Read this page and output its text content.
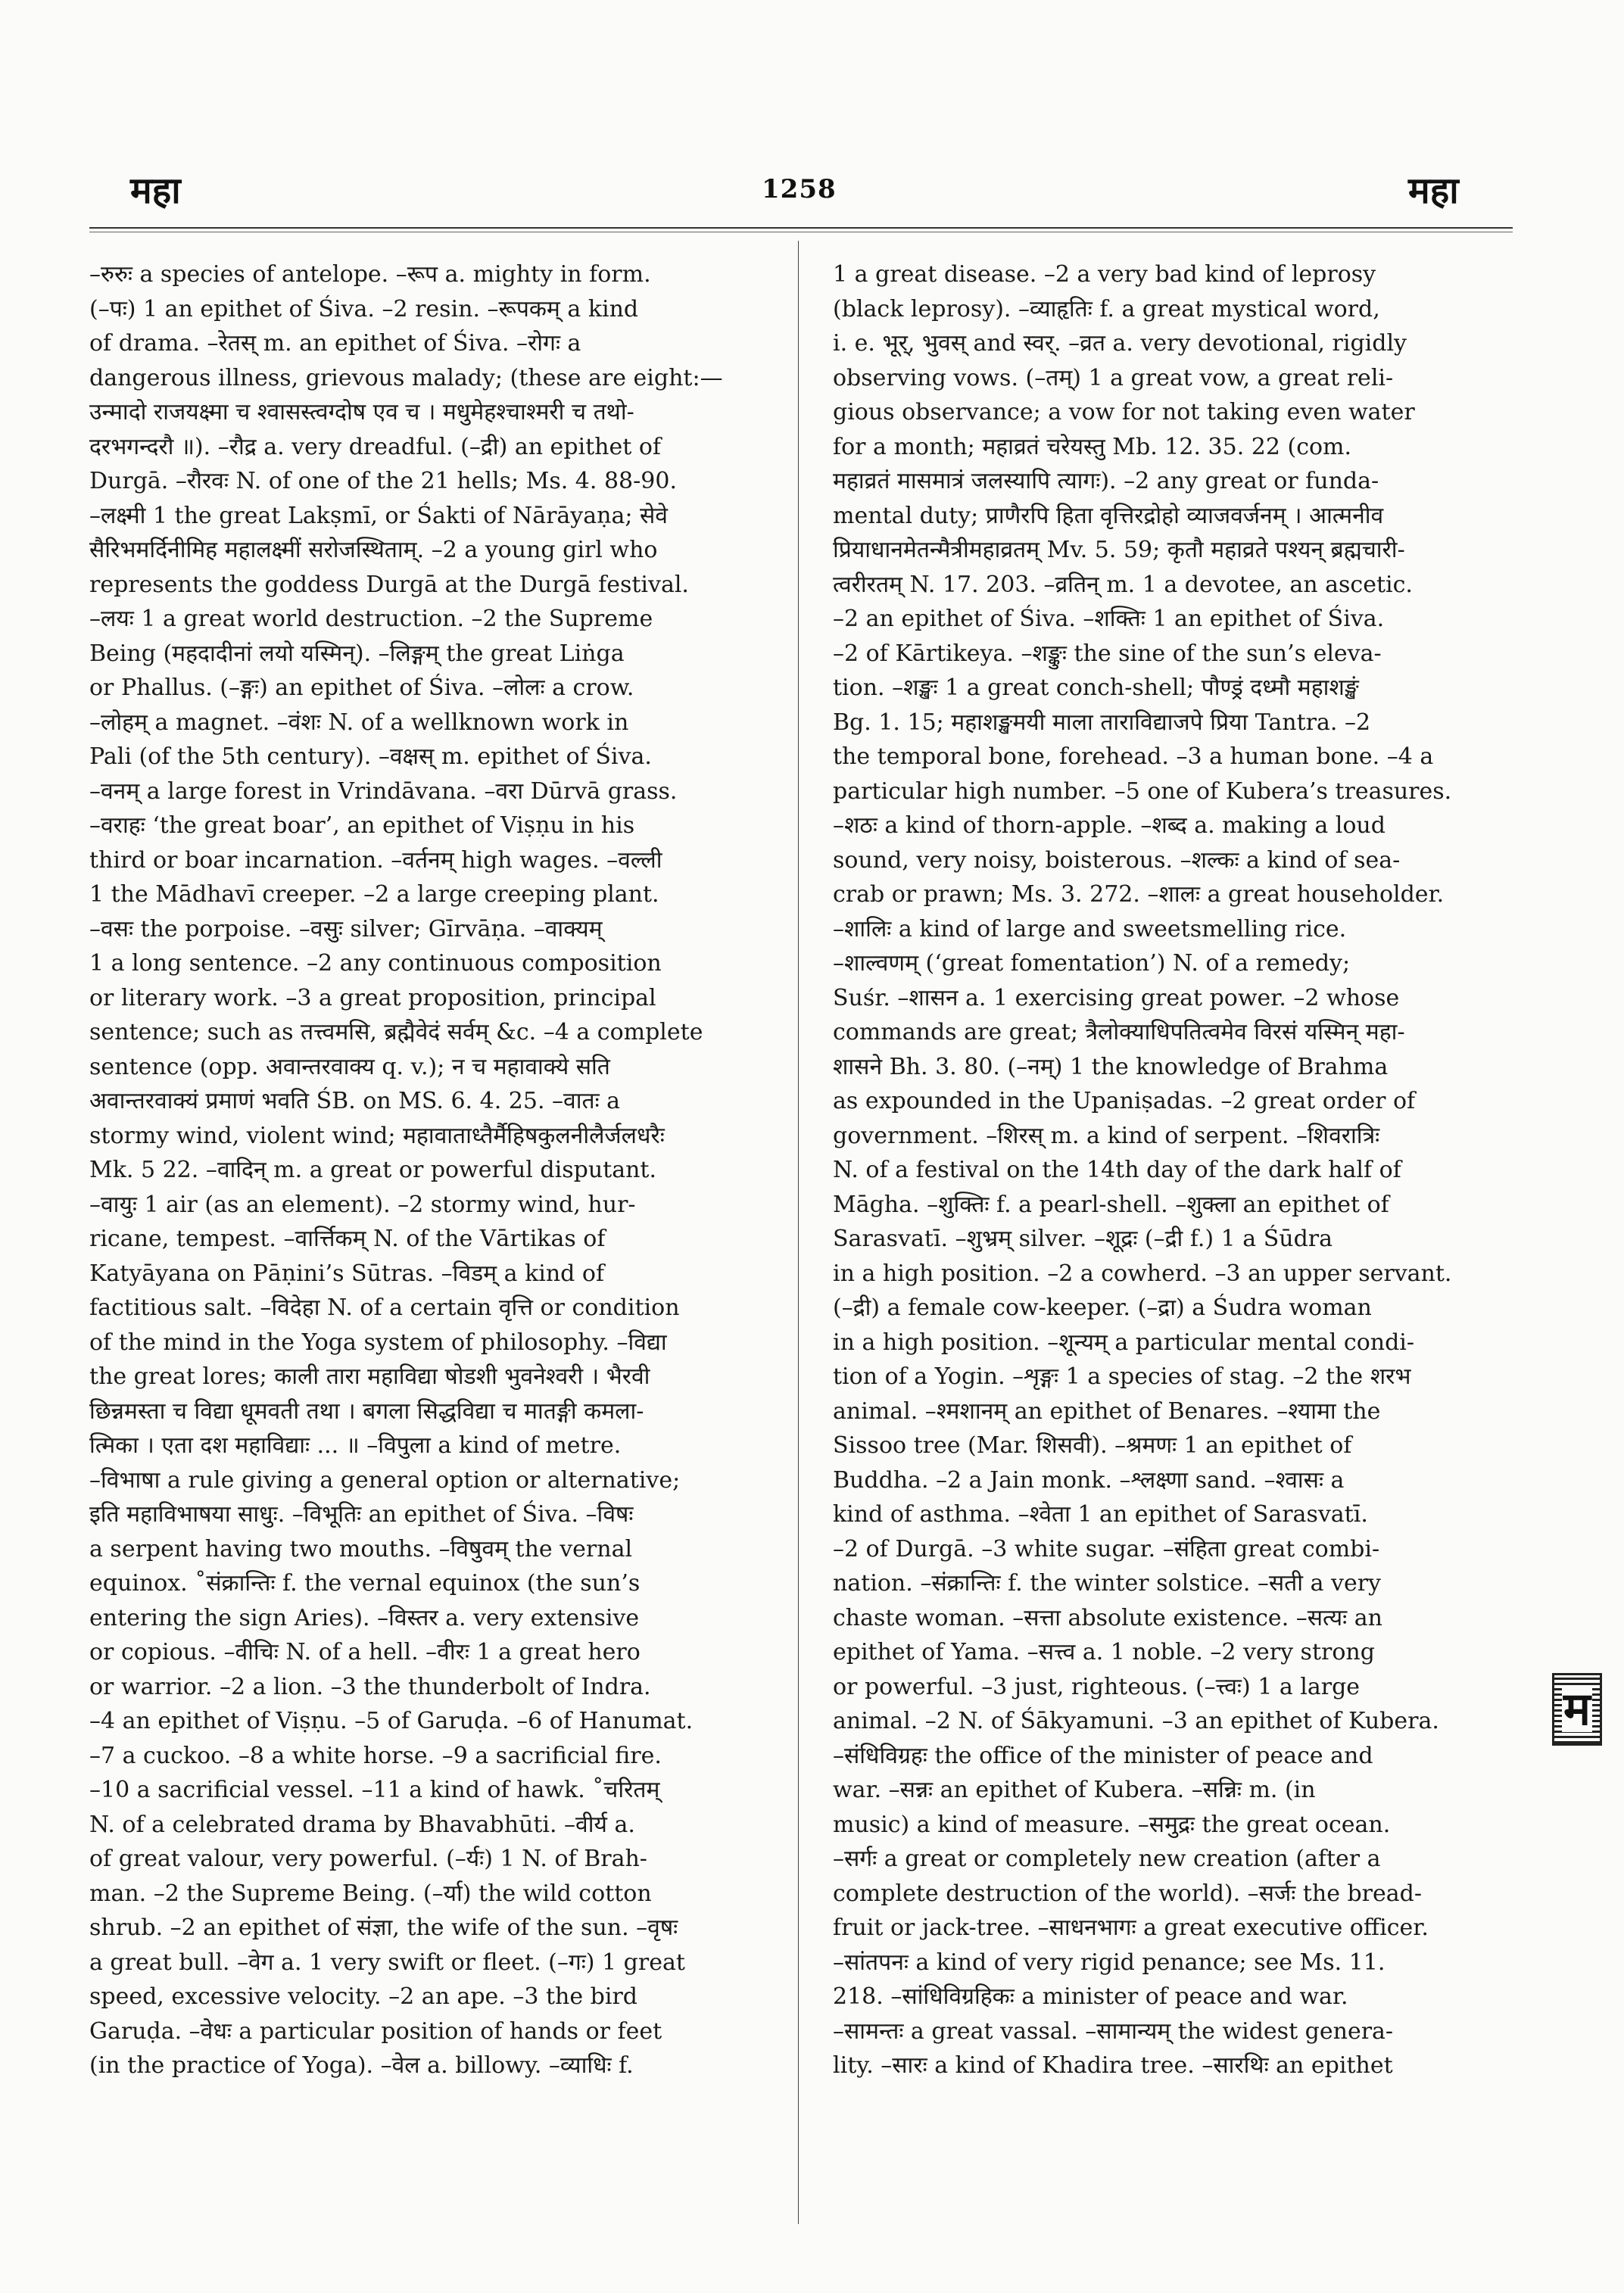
महा	1258	महा
–रुरुः a species of antelope. –रूप a. mighty in form.
(–पः) 1 an epithet of Śiva. –2 resin. –रूपकम् a kind
of drama. –रेतस् m. an epithet of Śiva. –रोगः a
dangerous illness, grievous malady; (these are eight:—
उन्मादो राजयक्ष्मा च श्वासस्त्वग्दोष एव च । मधुमेहश्चाश्मरी च तथो-
दरभगन्दरौ ॥). –रौद्र a. very dreadful. (–द्री) an epithet of
Durgā. –रौरवः N. of one of the 21 hells; Ms. 4. 88-90.
–लक्ष्मी 1 the great Lakṣmī, or Śakti of Nārāyaṇa; सेवे
सैरिभमर्दिनीमिह महालक्ष्मीं सरोजस्थिताम्. –2 a young girl who
represents the goddess Durgā at the Durgā festival.
–लयः 1 a great world destruction. –2 the Supreme
Being (महदादीनां लयो यस्मिन्). –लिङ्गम् the great Liṅga
or Phallus. (–ङ्गः) an epithet of Śiva. –लोलः a crow.
–लोहम् a magnet. –वंशः N. of a wellknown work in
Pali (of the 5th century). –वक्षस् m. epithet of Śiva.
–वनम् a large forest in Vrindāvana. –वरा Dūrvā grass.
–वराहः ‘the great boar’, an epithet of Viṣṇu in his
third or boar incarnation. –वर्तनम् high wages. –वल्ली
1 the Mādhavī creeper. –2 a large creeping plant.
–वसः the porpoise. –वसुः silver; Gīrvāṇa. –वाक्यम्
1 a long sentence. –2 any continuous composition
or literary work. –3 a great proposition, principal
sentence; such as तत्त्वमसि, ब्रह्मैवेदं सर्वम् &c. –4 a complete
sentence (opp. अवान्तरवाक्य q. v.); न च महावाक्ये सति
अवान्तरवाक्यं प्रमाणं भवति ŚB. on MS. 6. 4. 25. –वातः a
stormy wind, violent wind; महावाताध्तैर्मैहिषकुलनीलैर्जलधरैः
Mk. 5 22. –वादिन् m. a great or powerful disputant.
–वायुः 1 air (as an element). –2 stormy wind, hur-
ricane, tempest. –वार्त्तिकम् N. of the Vārtikas of
Katyāyana on Pāṇini’s Sūtras. –विडम् a kind of
factitious salt. –विदेहा N. of a certain वृत्ति or condition
of the mind in the Yoga system of philosophy. –विद्या
the great lores; काली तारा महाविद्या षोडशी भुवनेश्वरी । भैरवी
छिन्नमस्ता च विद्या धूमवती तथा । बगला सिद्धविद्या च मातङ्गी कमला-
त्मिका । एता दश महाविद्याः ... ॥ –विपुला a kind of metre.
–विभाषा a rule giving a general option or alternative;
इति महाविभाषया साधुः. –विभूतिः an epithet of Śiva. –विषः
a serpent having two mouths. –विषुवम् the vernal
equinox. ˚संक्रान्तिः f. the vernal equinox (the sun’s
entering the sign Aries). –विस्तर a. very extensive
or copious. –वीचिः N. of a hell. –वीरः 1 a great hero
or warrior. –2 a lion. –3 the thunderbolt of Indra.
–4 an epithet of Viṣṇu. –5 of Garuḍa. –6 of Hanumat.
–7 a cuckoo. –8 a white horse. –9 a sacrificial fire.
–10 a sacrificial vessel. –11 a kind of hawk. ˚चरितम्
N. of a celebrated drama by Bhavabhūti. –वीर्य a.
of great valour, very powerful. (–र्यः) 1 N. of Brah-
man. –2 the Supreme Being. (–र्या) the wild cotton
shrub. –2 an epithet of संज्ञा, the wife of the sun. –वृषः
a great bull. –वेग a. 1 very swift or fleet. (–गः) 1 great
speed, excessive velocity. –2 an ape. –3 the bird
Garuḍa. –वेधः a particular position of hands or feet
(in the practice of Yoga). –वेल a. billowy. –व्याधिः f.
1 a great disease. –2 a very bad kind of leprosy
(black leprosy). –व्याहृतिः f. a great mystical word,
i. e. भूर्, भुवस् and स्वर्. –व्रत a. very devotional, rigidly
observing vows. (–तम्) 1 a great vow, a great reli-
gious observance; a vow for not taking even water
for a month; महाव्रतं चरेयस्तु Mb. 12. 35. 22 (com.
महाव्रतं मासमात्रं जलस्यापि त्यागः). –2 any great or funda-
mental duty; प्राणैरपि हिता वृत्तिरद्रोहो व्याजवर्जनम् । आत्मनीव
प्रियाधानमेतन्मैत्रीमहाव्रतम् Mv. 5. 59; कृतौ महाव्रते पश्यन् ब्रह्मचारी-
त्वरीरतम् N. 17. 203. –व्रतिन् m. 1 a devotee, an ascetic.
–2 an epithet of Śiva. –शक्तिः 1 an epithet of Śiva.
–2 of Kārtikeya. –शङ्कुः the sine of the sun’s eleva-
tion. –शङ्खः 1 a great conch-shell; पौण्ड्रं दध्मौ महाशङ्खं
Bg. 1. 15; महाशङ्खमयी माला ताराविद्याजपे प्रिया Tantra. –2
the temporal bone, forehead. –3 a human bone. –4 a
particular high number. –5 one of Kubera’s treasures.
–शठः a kind of thorn-apple. –शब्द a. making a loud
sound, very noisy, boisterous. –शल्कः a kind of sea-
crab or prawn; Ms. 3. 272. –शालः a great householder.
–शालिः a kind of large and sweetsmelling rice.
–शाल्वणम् (‘great fomentation’) N. of a remedy;
Suśr. –शासन a. 1 exercising great power. –2 whose
commands are great; त्रैलोक्याधिपतित्वमेव विरसं यस्मिन् महा-
शासने Bh. 3. 80. (–नम्) 1 the knowledge of Brahma
as expounded in the Upaniṣadas. –2 great order of
government. –शिरस् m. a kind of serpent. –शिवरात्रिः
N. of a festival on the 14th day of the dark half of
Māgha. –शुक्तिः f. a pearl-shell. –शुक्ला an epithet of
Sarasvatī. –शुभ्रम् silver. –शूद्रः (–द्री f.) 1 a Śūdra
in a high position. –2 a cowherd. –3 an upper servant.
(–द्री) a female cow-keeper. (–द्रा) a Śudra woman
in a high position. –शून्यम् a particular mental condi-
tion of a Yogin. –शृङ्गः 1 a species of stag. –2 the शरभ
animal. –श्मशानम् an epithet of Benares. –श्यामा the
Sissoo tree (Mar. शिसवी). –श्रमणः 1 an epithet of
Buddha. –2 a Jain monk. –श्लक्ष्णा sand. –श्वासः a
kind of asthma. –श्वेता 1 an epithet of Sarasvatī.
–2 of Durgā. –3 white sugar. –संहिता great combi-
nation. –संक्रान्तिः f. the winter solstice. –सती a very
chaste woman. –सत्ता absolute existence. –सत्यः an
epithet of Yama. –सत्त्व a. 1 noble. –2 very strong
or powerful. –3 just, righteous. (–त्त्वः) 1 a large
animal. –2 N. of Śākyamuni. –3 an epithet of Kubera.
–संधिविग्रहः the office of the minister of peace and
war. –सन्नः an epithet of Kubera. –सन्निः m. (in
music) a kind of measure. –समुद्रः the great ocean.
–सर्गः a great or completely new creation (after a
complete destruction of the world). –सर्जः the bread-
fruit or jack-tree. –साधनभागः a great executive officer.
–सांतपनः a kind of very rigid penance; see Ms. 11.
218. –सांधिविग्रहिकः a minister of peace and war.
–सामन्तः a great vassal. –सामान्यम् the widest genera-
lity. –सारः a kind of Khadira tree. –सारथिः an epithet
म
